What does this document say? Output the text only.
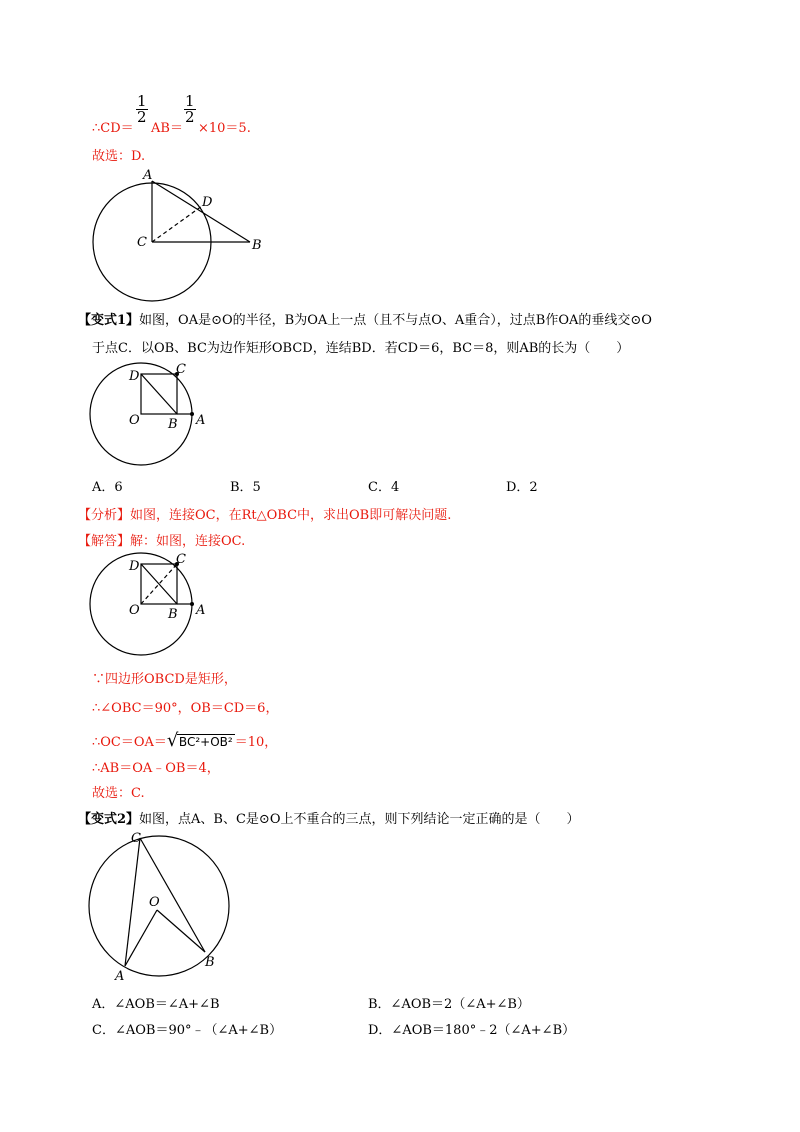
∴CD＝
$\frac{1}{2}$
AB＝
$\frac{1}{2}$
×10＝5.
故选：D.
A
D
C	B
【变式1】如图，OA是⊙O的半径，B为OA上一点（且不与点O、A重合），过点B作OA的垂线交⊙O
于点C．以OB、BC为边作矩形OBCD，连结BD．若CD＝6，BC＝8，则AB的长为（　　）
D	C
O B A
A．6	B．5	C．4	D．2
【分析】如图，连接OC，在Rt△OBC中，求出OB即可解决问题.
【解答】解：如图，连接OC.
D	C
O B A
∵四边形OBCD是矩形，
∴∠OBC＝90°，OB＝CD＝6，
∴OC＝OA＝ √ BC²+OB² ＝10，
∴AB＝OA﹣OB＝4，
故选：C.
【变式2】如图，点A、B、C是⊙O上不重合的三点，则下列结论一定正确的是（　　）
C
O
A
B
A．∠AOB＝∠A+∠B	B．∠AOB＝2（∠A+∠B）
C．∠AOB＝90°﹣（∠A+∠B）	D．∠AOB＝180°﹣2（∠A+∠B）
